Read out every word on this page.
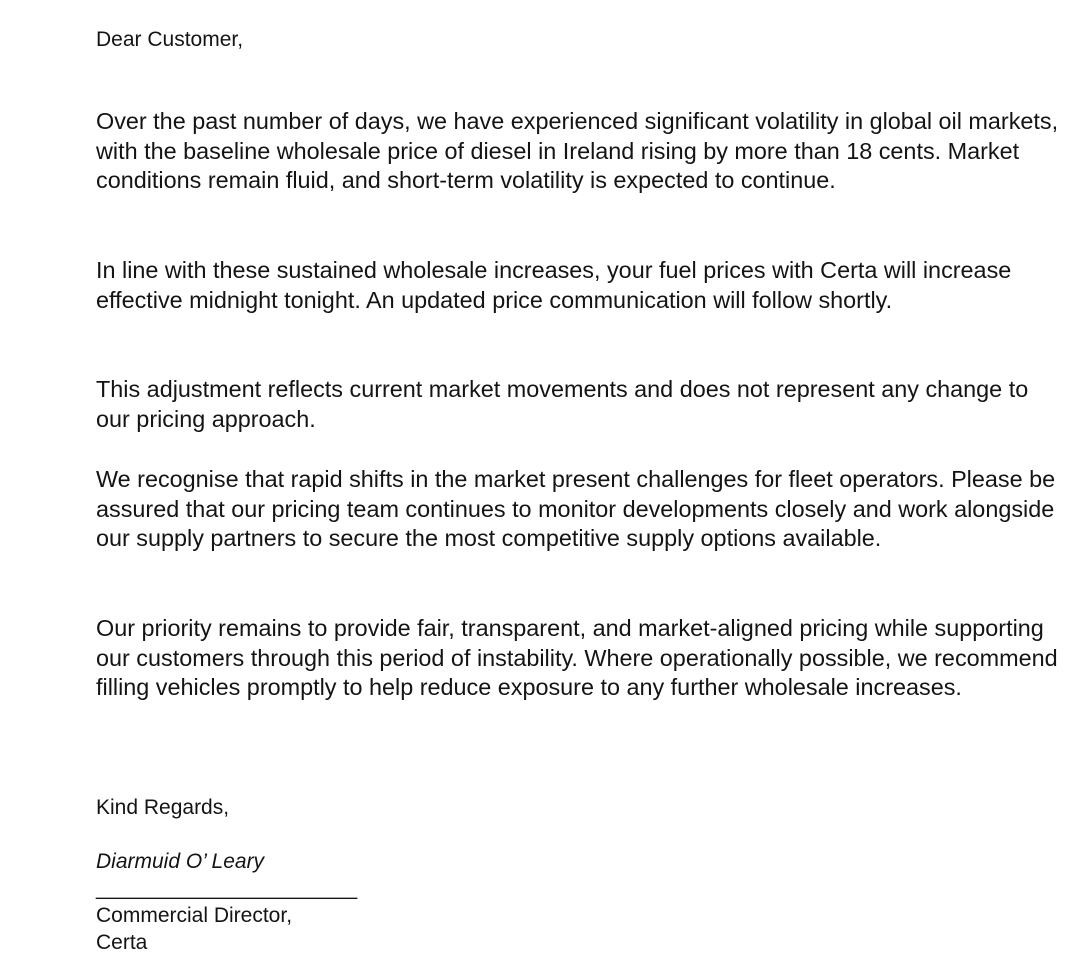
Dear Customer,

Over the past number of days, we have experienced significant volatility in global oil markets, with the baseline wholesale price of diesel in Ireland rising by more than 18 cents. Market conditions remain fluid, and short-term volatility is expected to continue.

In line with these sustained wholesale increases, your fuel prices with Certa will increase effective midnight tonight. An updated price communication will follow shortly.

This adjustment reflects current market movements and does not represent any change to our pricing approach.

We recognise that rapid shifts in the market present challenges for fleet operators. Please be assured that our pricing team continues to monitor developments closely and work alongside our supply partners to secure the most competitive supply options available.

Our priority remains to provide fair, transparent, and market-aligned pricing while supporting our customers through this period of instability. Where operationally possible, we recommend filling vehicles promptly to help reduce exposure to any further wholesale increases.

Kind Regards,
Diarmuid O’ Leary
______________________
Commercial Director,
Certa
